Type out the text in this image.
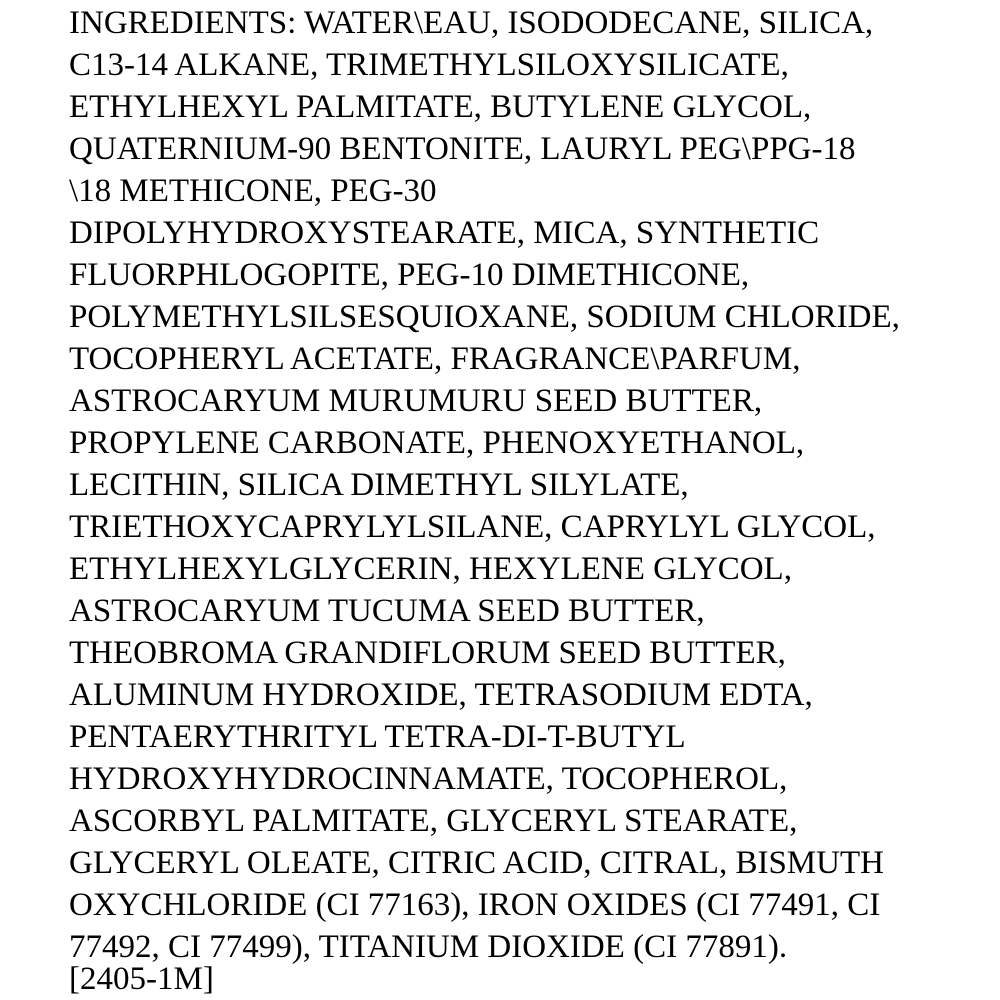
INGREDIENTS: WATER\EAU, ISODODECANE, SILICA,

C13-14 ALKANE, TRIMETHYLSILOXYSILICATE,

ETHYLHEXYL PALMITATE, BUTYLENE GLYCOL,

QUATERNIUM-90 BENTONITE, LAURYL PEG\PPG-18

\18 METHICONE, PEG-30

DIPOLYHYDROXYSTEARATE, MICA, SYNTHETIC

FLUORPHLOGOPITE, PEG-10 DIMETHICONE,

POLYMETHYLSILSESQUIOXANE, SODIUM CHLORIDE,

TOCOPHERYL ACETATE, FRAGRANCE\PARFUM,

ASTROCARYUM MURUMURU SEED BUTTER,

PROPYLENE CARBONATE, PHENOXYETHANOL,

LECITHIN, SILICA DIMETHYL SILYLATE,

TRIETHOXYCAPRYLYLSILANE, CAPRYLYL GLYCOL,

ETHYLHEXYLGLYCERIN, HEXYLENE GLYCOL,

ASTROCARYUM TUCUMA SEED BUTTER,

THEOBROMA GRANDIFLORUM SEED BUTTER,

ALUMINUM HYDROXIDE, TETRASODIUM EDTA,

PENTAERYTHRITYL TETRA-DI-T-BUTYL

HYDROXYHYDROCINNAMATE, TOCOPHEROL,

ASCORBYL PALMITATE, GLYCERYL STEARATE,

GLYCERYL OLEATE, CITRIC ACID, CITRAL, BISMUTH

OXYCHLORIDE (CI 77163), IRON OXIDES (CI 77491, CI

77492, CI 77499), TITANIUM DIOXIDE (CI 77891).

[2405-1M]
